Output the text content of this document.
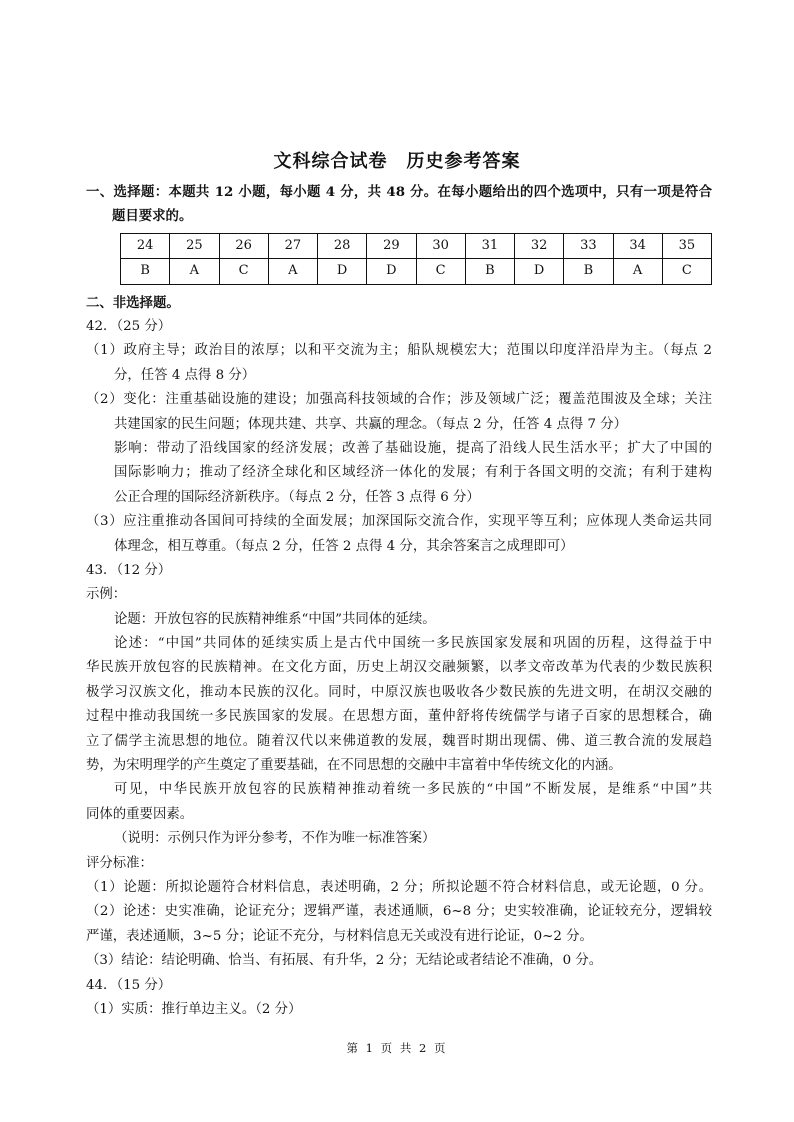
文科综合试卷　历史参考答案
一、选择题：本题共 12 小题，每小题 4 分，共 48 分。在每小题给出的四个选项中，只有一项是符合
题目要求的。
24	25	26	27	28	29	30	31	32	33	34	35
B	A	C	A	D	D	C	B	D	B	A	C
二、非选择题。
42．（25 分）
（1）政府主导；政治目的浓厚；以和平交流为主；船队规模宏大；范围以印度洋沿岸为主。（每点 2
分，任答 4 点得 8 分）
（2）变化：注重基础设施的建设；加强高科技领域的合作；涉及领域广泛；覆盖范围波及全球；关注
共建国家的民生问题；体现共建、共享、共赢的理念。（每点 2 分，任答 4 点得 7 分）
影响：带动了沿线国家的经济发展；改善了基础设施，提高了沿线人民生活水平；扩大了中国的
国际影响力；推动了经济全球化和区域经济一体化的发展；有利于各国文明的交流；有利于建构
公正合理的国际经济新秩序。（每点 2 分，任答 3 点得 6 分）
（3）应注重推动各国间可持续的全面发展；加深国际交流合作，实现平等互利；应体现人类命运共同
体理念，相互尊重。（每点 2 分，任答 2 点得 4 分，其余答案言之成理即可）
43．（12 分）
示例：
论题：开放包容的民族精神维系“中国”共同体的延续。
论述：“中国”共同体的延续实质上是古代中国统一多民族国家发展和巩固的历程，这得益于中
华民族开放包容的民族精神。在文化方面，历史上胡汉交融频繁，以孝文帝改革为代表的少数民族积
极学习汉族文化，推动本民族的汉化。同时，中原汉族也吸收各少数民族的先进文明，在胡汉交融的
过程中推动我国统一多民族国家的发展。在思想方面，董仲舒将传统儒学与诸子百家的思想糅合，确
立了儒学主流思想的地位。随着汉代以来佛道教的发展，魏晋时期出现儒、佛、道三教合流的发展趋
势，为宋明理学的产生奠定了重要基础，在不同思想的交融中丰富着中华传统文化的内涵。
可见，中华民族开放包容的民族精神推动着统一多民族的“中国”不断发展，是维系“中国”共
同体的重要因素。
（说明：示例只作为评分参考，不作为唯一标准答案）
评分标准：
（1）论题：所拟论题符合材料信息，表述明确，2 分；所拟论题不符合材料信息，或无论题，0 分。
（2）论述：史实准确，论证充分；逻辑严谨，表述通顺，6~8 分；史实较准确，论证较充分，逻辑较
严谨，表述通顺，3~5 分；论证不充分，与材料信息无关或没有进行论证，0~2 分。
（3）结论：结论明确、恰当、有拓展、有升华，2 分；无结论或者结论不准确，0 分。
44．（15 分）
（1）实质：推行单边主义。（2 分）
第 1 页 共 2 页
